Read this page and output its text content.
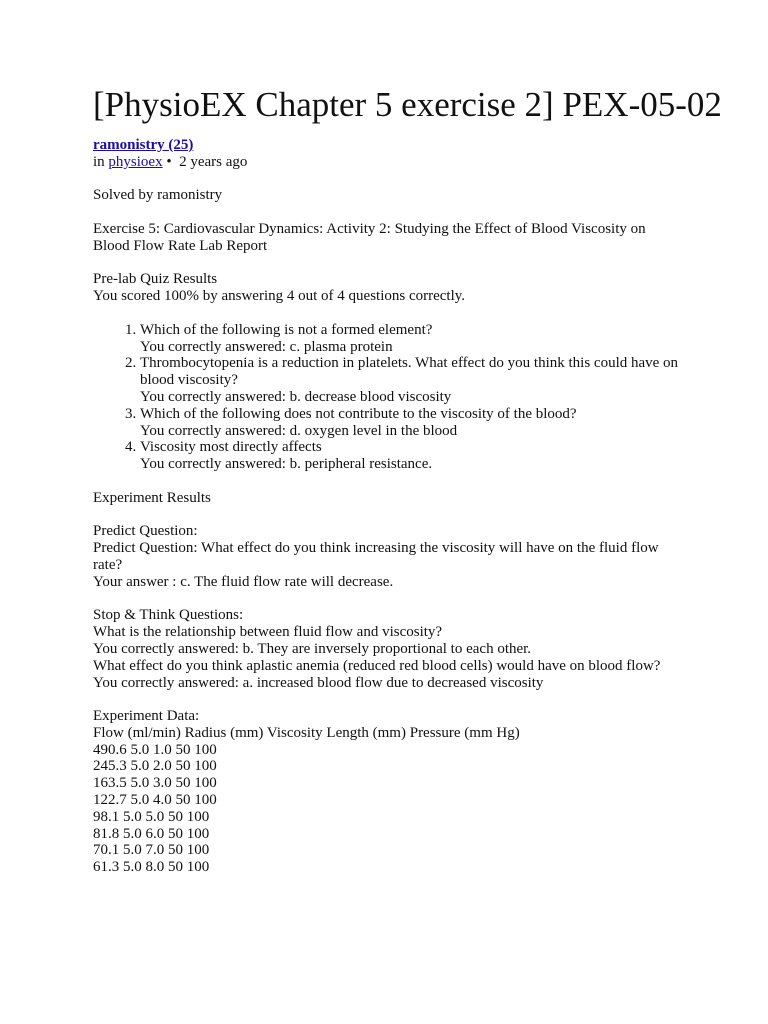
[PhysioEX Chapter 5 exercise 2] PEX-05-02

ramonistry (25)
in physioex • 2 years ago

Solved by ramonistry

Exercise 5: Cardiovascular Dynamics: Activity 2: Studying the Effect of Blood Viscosity on Blood Flow Rate Lab Report

Pre-lab Quiz Results
You scored 100% by answering 4 out of 4 questions correctly.

1. Which of the following is not a formed element?
You correctly answered: c. plasma protein
2. Thrombocytopenia is a reduction in platelets. What effect do you think this could have on blood viscosity?
You correctly answered: b. decrease blood viscosity
3. Which of the following does not contribute to the viscosity of the blood?
You correctly answered: d. oxygen level in the blood
4. Viscosity most directly affects
You correctly answered: b. peripheral resistance.

Experiment Results

Predict Question:
Predict Question: What effect do you think increasing the viscosity will have on the fluid flow rate?
Your answer : c. The fluid flow rate will decrease.

Stop & Think Questions:
What is the relationship between fluid flow and viscosity?
You correctly answered: b. They are inversely proportional to each other.
What effect do you think aplastic anemia (reduced red blood cells) would have on blood flow?
You correctly answered: a. increased blood flow due to decreased viscosity

Experiment Data:
Flow (ml/min) Radius (mm) Viscosity Length (mm) Pressure (mm Hg)
490.6 5.0 1.0 50 100
245.3 5.0 2.0 50 100
163.5 5.0 3.0 50 100
122.7 5.0 4.0 50 100
98.1 5.0 5.0 50 100
81.8 5.0 6.0 50 100
70.1 5.0 7.0 50 100
61.3 5.0 8.0 50 100
